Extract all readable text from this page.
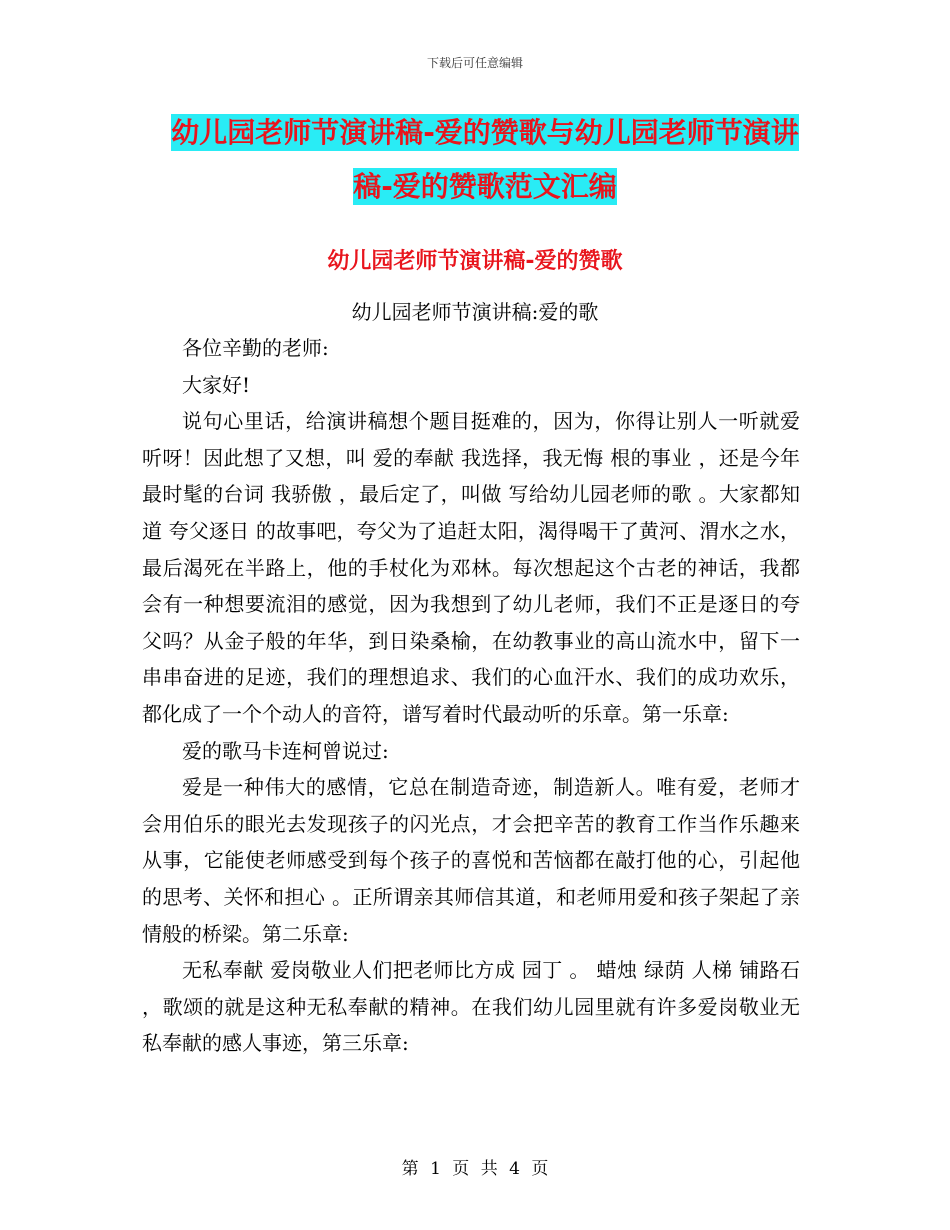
下载后可任意编辑
幼儿园老师节演讲稿-爱的赞歌与幼儿园老师节演讲稿-爱的赞歌范文汇编
幼儿园老师节演讲稿-爱的赞歌
幼儿园老师节演讲稿:爱的歌

各位辛勤的老师:

大家好!

说句心里话，给演讲稿想个题目挺难的，因为，你得让别人一听就爱听呀！因此想了又想，叫 爱的奉献 我选择，我无悔 根的事业 ，还是今年最时髦的台词 我骄傲 ，最后定了，叫做 写给幼儿园老师的歌 。大家都知道 夸父逐日 的故事吧，夸父为了追赶太阳，渴得喝干了黄河、渭水之水，最后渴死在半路上，他的手杖化为邓林。每次想起这个古老的神话，我都会有一种想要流泪的感觉，因为我想到了幼儿老师，我们不正是逐日的夸父吗？从金子般的年华，到日染桑榆，在幼教事业的高山流水中，留下一串串奋进的足迹，我们的理想追求、我们的心血汗水、我们的成功欢乐，都化成了一个个动人的音符，谱写着时代最动听的乐章。第一乐章:

爱的歌马卡连柯曾说过:

爱是一种伟大的感情，它总在制造奇迹，制造新人。唯有爱，老师才会用伯乐的眼光去发现孩子的闪光点，才会把辛苦的教育工作当作乐趣来从事，它能使老师感受到每个孩子的喜悦和苦恼都在敲打他的心，引起他的思考、关怀和担心 。正所谓亲其师信其道，和老师用爱和孩子架起了亲情般的桥梁。第二乐章:

无私奉献 爱岗敬业人们把老师比方成 园丁 。 蜡烛 绿荫 人梯 铺路石 ，歌颂的就是这种无私奉献的精神。在我们幼儿园里就有许多爱岗敬业无私奉献的感人事迹，第三乐章:

第 1 页 共 4 页
